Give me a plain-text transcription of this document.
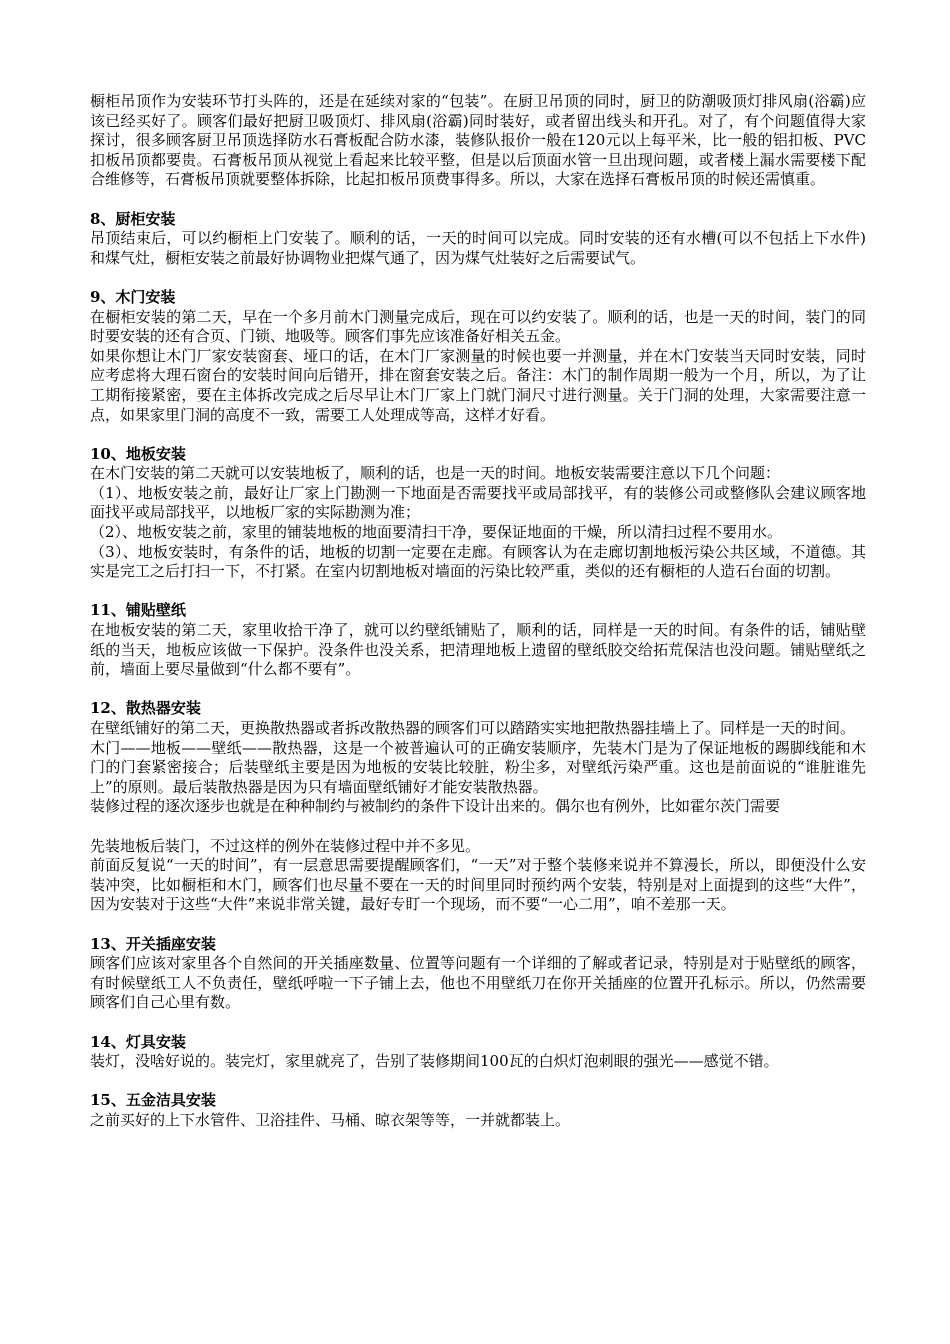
橱柜吊顶作为安装环节打头阵的，还是在延续对家的“包装”。在厨卫吊顶的同时，厨卫的防潮吸顶灯排风扇(浴霸)应该已经买好了。顾客们最好把厨卫吸顶灯、排风扇(浴霸)同时装好，或者留出线头和开孔。对了，有个问题值得大家探讨，很多顾客厨卫吊顶选择防水石膏板配合防水漆，装修队报价一般在120元以上每平米，比一般的铝扣板、PVC扣板吊顶都要贵。石膏板吊顶从视觉上看起来比较平整，但是以后顶面水管一旦出现问题，或者楼上漏水需要楼下配合维修等，石膏板吊顶就要整体拆除，比起扣板吊顶费事得多。所以，大家在选择石膏板吊顶的时候还需慎重。

8、厨柜安装

吊顶结束后，可以约橱柜上门安装了。顺利的话，一天的时间可以完成。同时安装的还有水槽(可以不包括上下水件)和煤气灶，橱柜安装之前最好协调物业把煤气通了，因为煤气灶装好之后需要试气。

9、木门安装

在橱柜安装的第二天，早在一个多月前木门测量完成后，现在可以约安装了。顺利的话，也是一天的时间，装门的同时要安装的还有合页、门锁、地吸等。顾客们事先应该准备好相关五金。

如果你想让木门厂家安装窗套、垭口的话，在木门厂家测量的时候也要一并测量，并在木门安装当天同时安装，同时应考虑将大理石窗台的安装时间向后错开，排在窗套安装之后。备注：木门的制作周期一般为一个月，所以，为了让工期衔接紧密，要在主体拆改完成之后尽早让木门厂家上门就门洞尺寸进行测量。关于门洞的处理，大家需要注意一点，如果家里门洞的高度不一致，需要工人处理成等高，这样才好看。

10、地板安装

在木门安装的第二天就可以安装地板了，顺利的话，也是一天的时间。地板安装需要注意以下几个问题：

（1）、地板安装之前，最好让厂家上门勘测一下地面是否需要找平或局部找平，有的装修公司或整修队会建议顾客地面找平或局部找平，以地板厂家的实际勘测为准；

（2）、地板安装之前，家里的铺装地板的地面要清扫干净，要保证地面的干燥，所以清扫过程不要用水。

（3）、地板安装时，有条件的话，地板的切割一定要在走廊。有顾客认为在走廊切割地板污染公共区域，不道德。其实是完工之后打扫一下，不打紧。在室内切割地板对墙面的污染比较严重，类似的还有橱柜的人造石台面的切割。

11、铺贴壁纸

在地板安装的第二天，家里收拾干净了，就可以约壁纸铺贴了，顺利的话，同样是一天的时间。有条件的话，铺贴壁纸的当天，地板应该做一下保护。没条件也没关系，把清理地板上遗留的壁纸胶交给拓荒保洁也没问题。铺贴壁纸之前，墙面上要尽量做到“什么都不要有”。

12、散热器安装

在壁纸铺好的第二天，更换散热器或者拆改散热器的顾客们可以踏踏实实地把散热器挂墙上了。同样是一天的时间。

木门——地板——壁纸——散热器，这是一个被普遍认可的正确安装顺序，先装木门是为了保证地板的踢脚线能和木门的门套紧密接合；后装壁纸主要是因为地板的安装比较脏，粉尘多，对壁纸污染严重。这也是前面说的“谁脏谁先上”的原则。最后装散热器是因为只有墙面壁纸铺好才能安装散热器。

装修过程的逐次逐步也就是在种种制约与被制约的条件下设计出来的。偶尔也有例外，比如霍尔茨门需要

先装地板后装门，不过这样的例外在装修过程中并不多见。

前面反复说“一天的时间”，有一层意思需要提醒顾客们，“一天”对于整个装修来说并不算漫长，所以，即便没什么安装冲突，比如橱柜和木门，顾客们也尽量不要在一天的时间里同时预约两个安装，特别是对上面提到的这些“大件”，因为安装对于这些“大件”来说非常关键，最好专盯一个现场，而不要“一心二用”，咱不差那一天。

13、开关插座安装

顾客们应该对家里各个自然间的开关插座数量、位置等问题有一个详细的了解或者记录，特别是对于贴壁纸的顾客，有时候壁纸工人不负责任，壁纸呼啦一下子铺上去，他也不用壁纸刀在你开关插座的位置开孔标示。所以，仍然需要顾客们自己心里有数。

14、灯具安装

装灯，没啥好说的。装完灯，家里就亮了，告别了装修期间100瓦的白炽灯泡刺眼的强光——感觉不错。

15、五金洁具安装

之前买好的上下水管件、卫浴挂件、马桶、晾衣架等等，一并就都装上。
